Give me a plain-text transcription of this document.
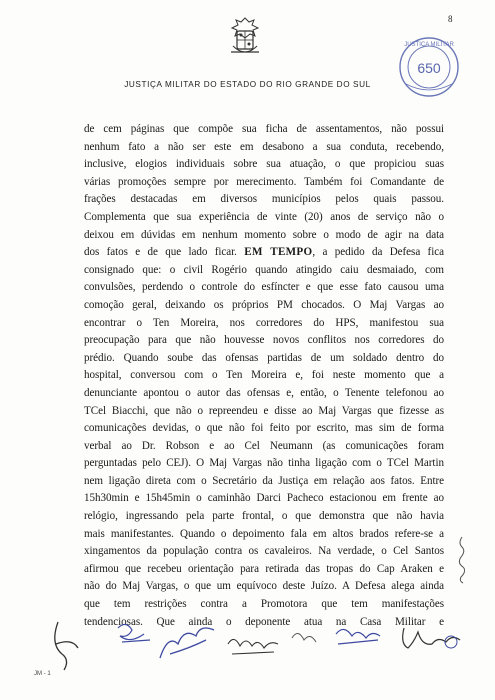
8
650
JUSTIÇA MILITAR
JUSTIÇA MILITAR DO ESTADO DO RIO GRANDE DO SUL
de cem páginas que compõe sua ficha de assentamentos, não possui
nenhum fato a não ser este em desabono a sua conduta, recebendo,
inclusive, elogios individuais sobre sua atuação, o que propiciou suas
várias promoções sempre por merecimento. Também foi Comandante de
frações destacadas em diversos municípios pelos quais passou.
Complementa que sua experiência de vinte (20) anos de serviço não o
deixou em dúvidas em nenhum momento sobre o modo de agir na data
dos fatos e de que lado ficar. EM TEMPO, a pedido da Defesa fica
consignado que: o civil Rogério quando atingido caiu desmaiado, com
convulsões, perdendo o controle do esfíncter e que esse fato causou uma
comoção geral, deixando os próprios PM chocados. O Maj Vargas ao
encontrar o Ten Moreira, nos corredores do HPS, manifestou sua
preocupação para que não houvesse novos conflitos nos corredores do
prédio. Quando soube das ofensas partidas de um soldado dentro do
hospital, conversou com o Ten Moreira e, foi neste momento que a
denunciante apontou o autor das ofensas e, então, o Tenente telefonou ao
TCel Biacchi, que não o repreendeu e disse ao Maj Vargas que fizesse as
comunicações devidas, o que não foi feito por escrito, mas sim de forma
verbal ao Dr. Robson e ao Cel Neumann (as comunicações foram
perguntadas pelo CEJ). O Maj Vargas não tinha ligação com o TCel Martin
nem ligação direta com o Secretário da Justiça em relação aos fatos. Entre
15h30min e 15h45min o caminhão Darci Pacheco estacionou em frente ao
relógio, ingressando pela parte frontal, o que demonstra que não havia
mais manifestantes. Quando o depoimento fala em altos brados refere-se a
xingamentos da população contra os cavaleiros. Na verdade, o Cel Santos
afirmou que recebeu orientação para retirada das tropas do Cap Araken e
não do Maj Vargas, o que um equívoco deste Juízo. A Defesa alega ainda
que tem restrições contra a Promotora que tem manifestações
tendenciosas. Que ainda o deponente atua na Casa Militar e
JM - 1
